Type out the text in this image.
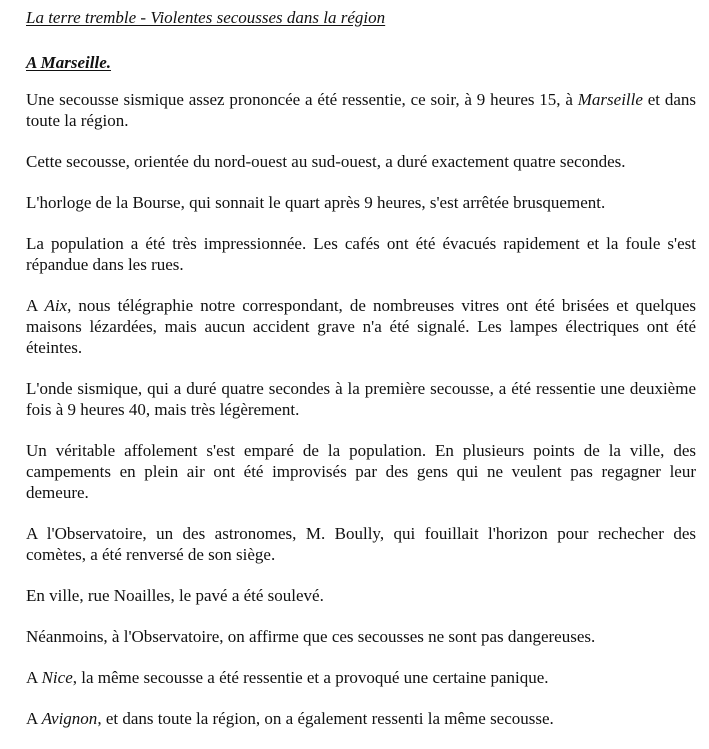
La terre tremble - Violentes secousses dans la région
A Marseille.

Une secousse sismique assez prononcée a été ressentie, ce soir, à 9 heures 15, à Marseille et dans toute la région.

Cette secousse, orientée du nord-ouest au sud-ouest, a duré exactement quatre secondes.

L'horloge de la Bourse, qui sonnait le quart après 9 heures, s'est arrêtée brusquement.

La population a été très impressionnée. Les cafés ont été évacués rapidement et la foule s'est répandue dans les rues.

A Aix, nous télégraphie notre correspondant, de nombreuses vitres ont été brisées et quelques maisons lézardées, mais aucun accident grave n'a été signalé. Les lampes électriques ont été éteintes.

L'onde sismique, qui a duré quatre secondes à la première secousse, a été ressentie une deuxième fois à 9 heures 40, mais très légèrement.

Un véritable affolement s'est emparé de la population. En plusieurs points de la ville, des campements en plein air ont été improvisés par des gens qui ne veulent pas regagner leur demeure.

A l'Observatoire, un des astronomes, M. Boully, qui fouillait l'horizon pour rechecher des comètes, a été renversé de son siège.

En ville, rue Noailles, le pavé a été soulevé.

Néanmoins, à l'Observatoire, on affirme que ces secousses ne sont pas dangereuses.

A Nice, la même secousse a été ressentie et a provoqué une certaine panique.

A Avignon, et dans toute la région, on a également ressenti la même secousse.
